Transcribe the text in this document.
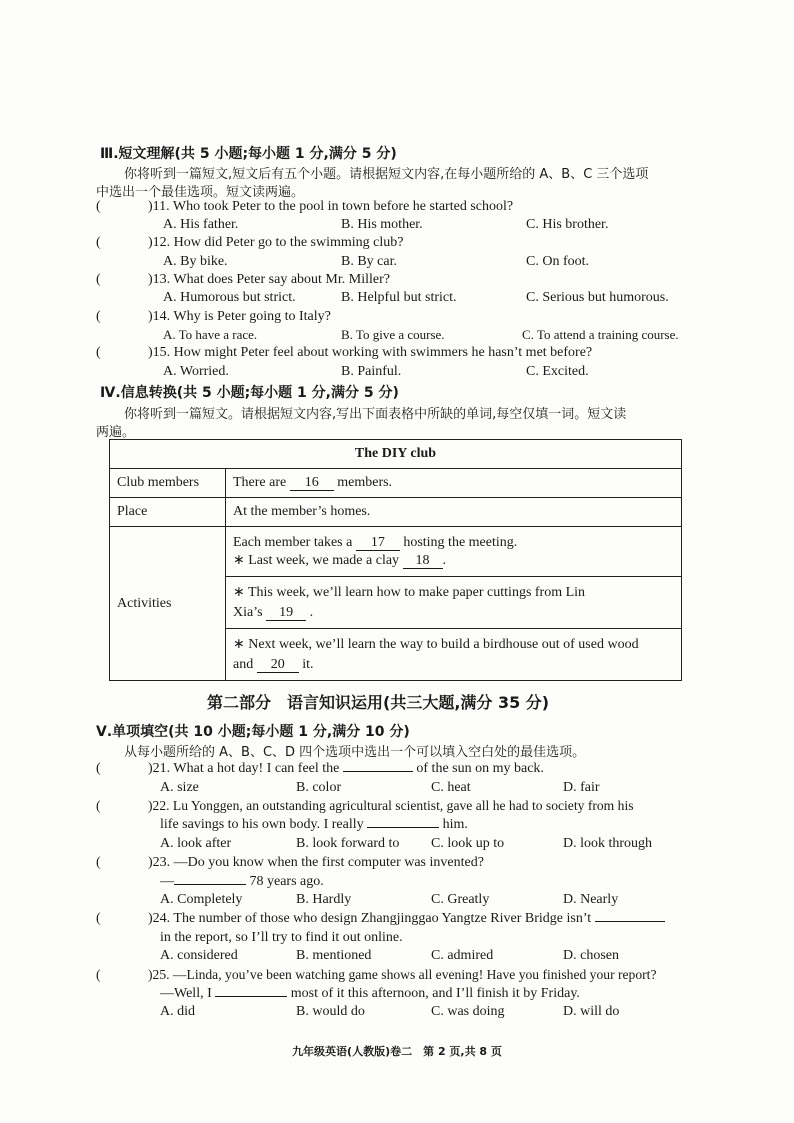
Ⅲ.短文理解(共 5 小题;每小题 1 分,满分 5 分)
你将听到一篇短文,短文后有五个小题。请根据短文内容,在每小题所给的 A、B、C 三个选项
中选出一个最佳选项。短文读两遍。
(	)11. Who took Peter to the pool in town before he started school?
A. His father.	B. His mother.	C. His brother.
(	)12. How did Peter go to the swimming club?
A. By bike.	B. By car.	C. On foot.
(	)13. What does Peter say about Mr. Miller?
A. Humorous but strict.	B. Helpful but strict.	C. Serious but humorous.
(	)14. Why is Peter going to Italy?
A. To have a race.	B. To give a course.	C. To attend a training course.
(	)15. How might Peter feel about working with swimmers he hasn’t met before?
A. Worried.	B. Painful.	C. Excited.
Ⅳ.信息转换(共 5 小题;每小题 1 分,满分 5 分)
你将听到一篇短文。请根据短文内容,写出下面表格中所缺的单词,每空仅填一词。短文读
两遍。
The DIY club	
Club members	There are 16 members.
Place	At the member’s homes.
Activities	Each member takes a 17 hosting the meeting.
∗ Last week, we made a clay 18 .

	∗ This week, we’ll learn how to make paper cuttings from Lin
Xia’s 19 .

	∗ Next week, we’ll learn the way to build a birdhouse out of used wood
and 20 it.
第二部分　语言知识运用(共三大题,满分 35 分)
Ⅴ.单项填空(共 10 小题;每小题 1 分,满分 10 分)
从每小题所给的 A、B、C、D 四个选项中选出一个可以填入空白处的最佳选项。
(	)21. What a hot day! I can feel the	of the sun on my back.
A. size	B. color	C. heat	D. fair
(	)22. Lu Yonggen, an outstanding agricultural scientist, gave all he had to society from his
life savings to his own body. I really	him.
A. look after	B. look forward to C. look up to	D. look through
(	)23. —Do you know when the first computer was invented?
—	78 years ago.
A. Completely	B. Hardly	C. Greatly	D. Nearly
(	)24. The number of those who design Zhangjinggao Yangtze River Bridge isn’t
in the report, so I’ll try to find it out online.
A. considered	B. mentioned	C. admired	D. chosen
(	)25. —Linda, you’ve been watching game shows all evening! Have you finished your report?
—Well, I	most of it this afternoon, and I’ll finish it by Friday.
A. did	B. would do	C. was doing	D. will do
九年级英语(人教版)卷二　第 2 页,共 8 页
